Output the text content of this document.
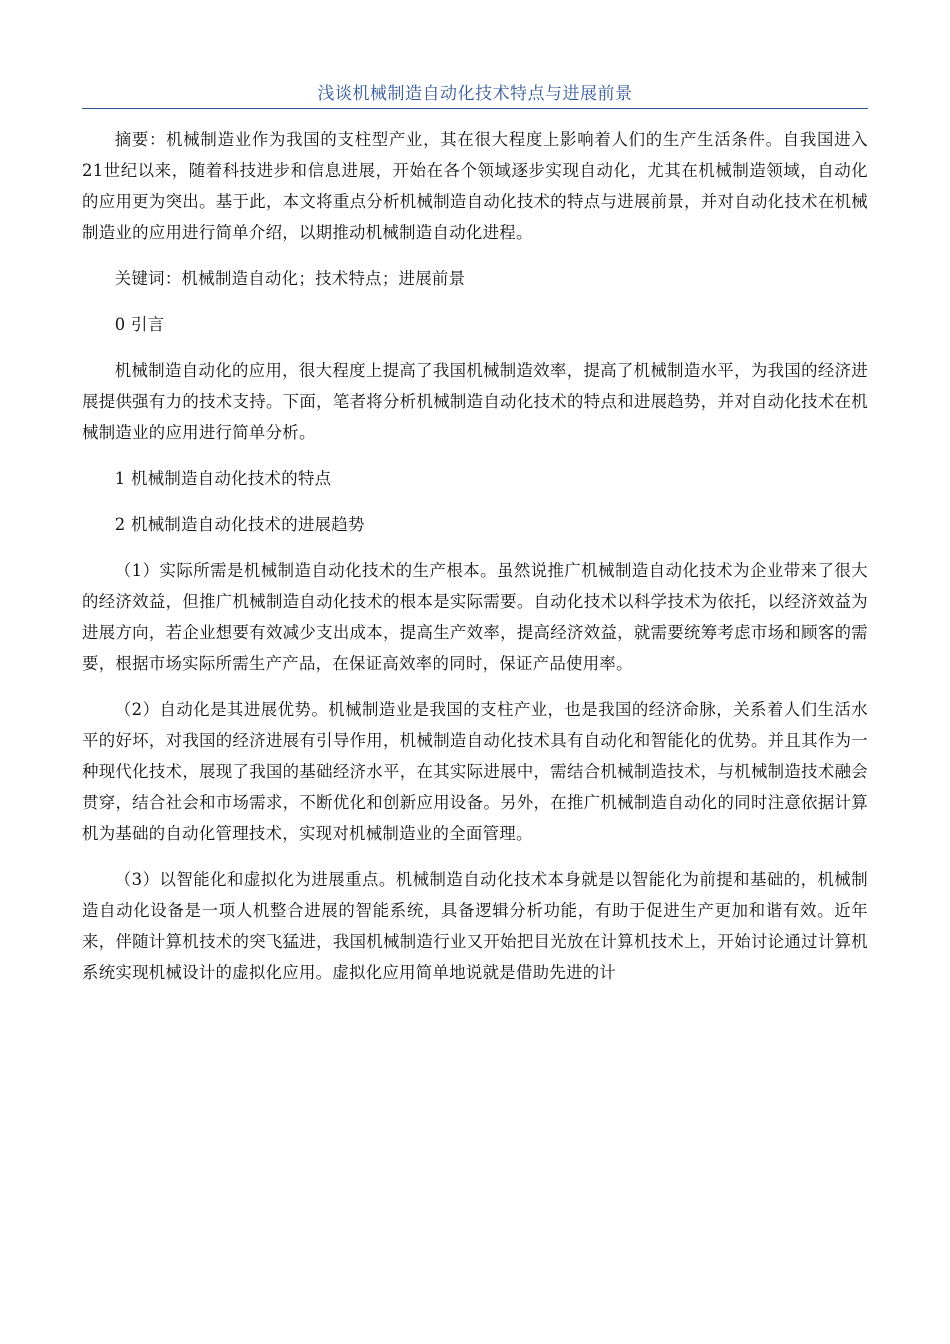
浅谈机械制造自动化技术特点与进展前景

摘要：机械制造业作为我国的支柱型产业，其在很大程度上影响着人们的生产生活条件。自我国进入21世纪以来，随着科技进步和信息进展，开始在各个领域逐步实现自动化，尤其在机械制造领域，自动化的应用更为突出。基于此，本文将重点分析机械制造自动化技术的特点与进展前景，并对自动化技术在机械制造业的应用进行简单介绍，以期推动机械制造自动化进程。

关键词：机械制造自动化；技术特点；进展前景

0 引言

机械制造自动化的应用，很大程度上提高了我国机械制造效率，提高了机械制造水平，为我国的经济进展提供强有力的技术支持。下面，笔者将分析机械制造自动化技术的特点和进展趋势，并对自动化技术在机械制造业的应用进行简单分析。

1 机械制造自动化技术的特点

2 机械制造自动化技术的进展趋势

（1）实际所需是机械制造自动化技术的生产根本。虽然说推广机械制造自动化技术为企业带来了很大的经济效益，但推广机械制造自动化技术的根本是实际需要。自动化技术以科学技术为依托，以经济效益为进展方向，若企业想要有效减少支出成本，提高生产效率，提高经济效益，就需要统筹考虑市场和顾客的需要，根据市场实际所需生产产品，在保证高效率的同时，保证产品使用率。

（2）自动化是其进展优势。机械制造业是我国的支柱产业，也是我国的经济命脉，关系着人们生活水平的好坏，对我国的经济进展有引导作用，机械制造自动化技术具有自动化和智能化的优势。并且其作为一种现代化技术，展现了我国的基础经济水平，在其实际进展中，需结合机械制造技术，与机械制造技术融会贯穿，结合社会和市场需求，不断优化和创新应用设备。另外，在推广机械制造自动化的同时注意依据计算机为基础的自动化管理技术，实现对机械制造业的全面管理。

（3）以智能化和虚拟化为进展重点。机械制造自动化技术本身就是以智能化为前提和基础的，机械制造自动化设备是一项人机整合进展的智能系统，具备逻辑分析功能，有助于促进生产更加和谐有效。近年来，伴随计算机技术的突飞猛进，我国机械制造行业又开始把目光放在计算机技术上，开始讨论通过计算机系统实现机械设计的虚拟化应用。虚拟化应用简单地说就是借助先进的计
